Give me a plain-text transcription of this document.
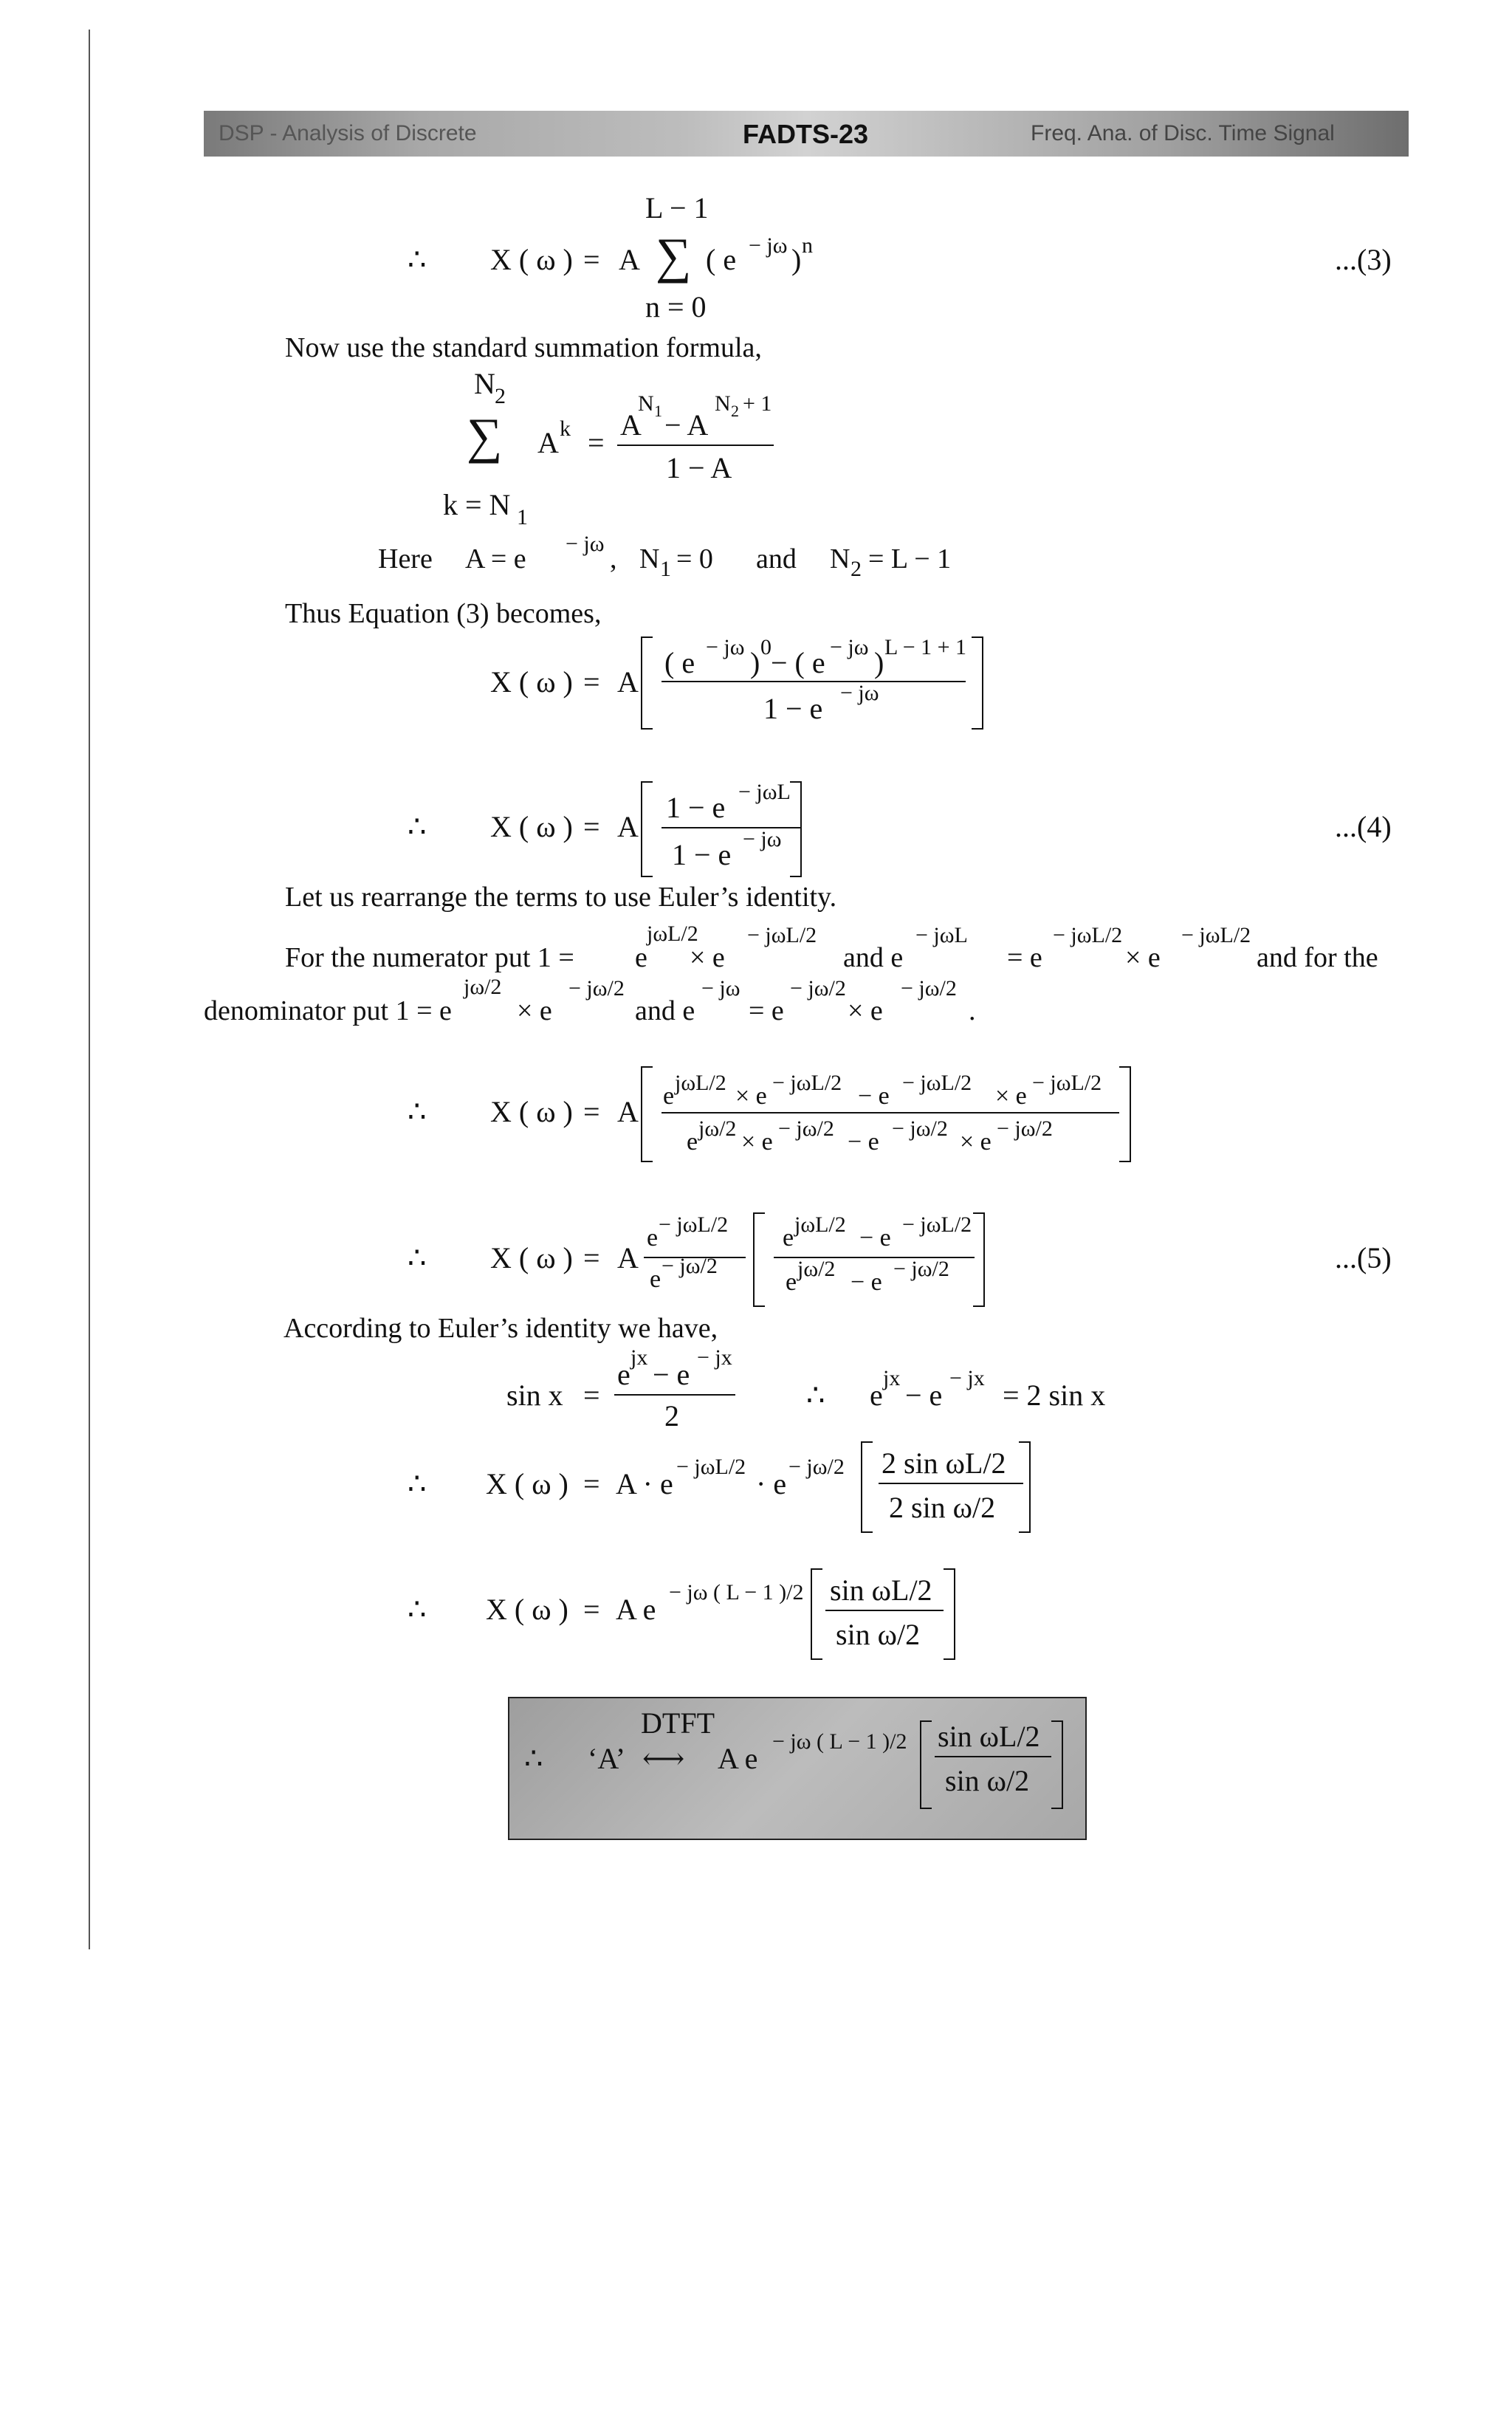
DSP - Analysis of Discrete	FADTS-23	Freq. Ana. of Disc. Time Signal
L − 1
∴ X ( ω ) = A ∑ ( e − jω ) n
n = 0
...(3)

Now use the standard summation formula,

N 2
∑ A k =
A
N 1 − A
N 2 + 1
1 − A
k = N 1
Here A = e − jω , N 1 = 0 and N 2 = L − 1

Thus Equation (3) becomes,

X ( ω ) = A
( e − jω ) 0 − ( e − jω ) L − 1 + 1
1 − e − jω
∴ X ( ω ) = A
1 − e − jωL
1 − e − jω	...(4)

Let us rearrange the terms to use Euler’s identity.

For the numerator put 1 = e
jωL/2
× e
− jωL/2
and e
− jωL
= e
− jωL/2
× e
− jωL/2
and for the
denominator put 1 = e
jω/2
× e
− jω/2
and e
− jω
= e
− jω/2
× e
− jω/2
.
∴ X ( ω ) = A e jωL/2 × e − jωL/2 − e − jωL/2 × e − jωL/2
e jω/2 × e − jω/2 − e − jω/2 × e − jω/2
∴ X ( ω ) = A
e − jωL/2
e − jω/2
e jωL/2 − e − jωL/2
e jω/2 − e − jω/2	...(5)

According to Euler’s identity we have,

sin x =
e
jx
− e
− jx
2
∴ e
jx
− e
− jx
= 2 sin x
∴ X ( ω ) = A · e
− jωL/2
· e
− jω/2 2 sin ωL/2
2 sin ω/2
∴ X ( ω ) = A e
− jω ( L − 1 )/2 sin ωL/2
sin ω/2
DTFT
∴ ‘A’ ⟷ A e
− jω ( L − 1 )/2 sin ωL/2
sin ω/2
